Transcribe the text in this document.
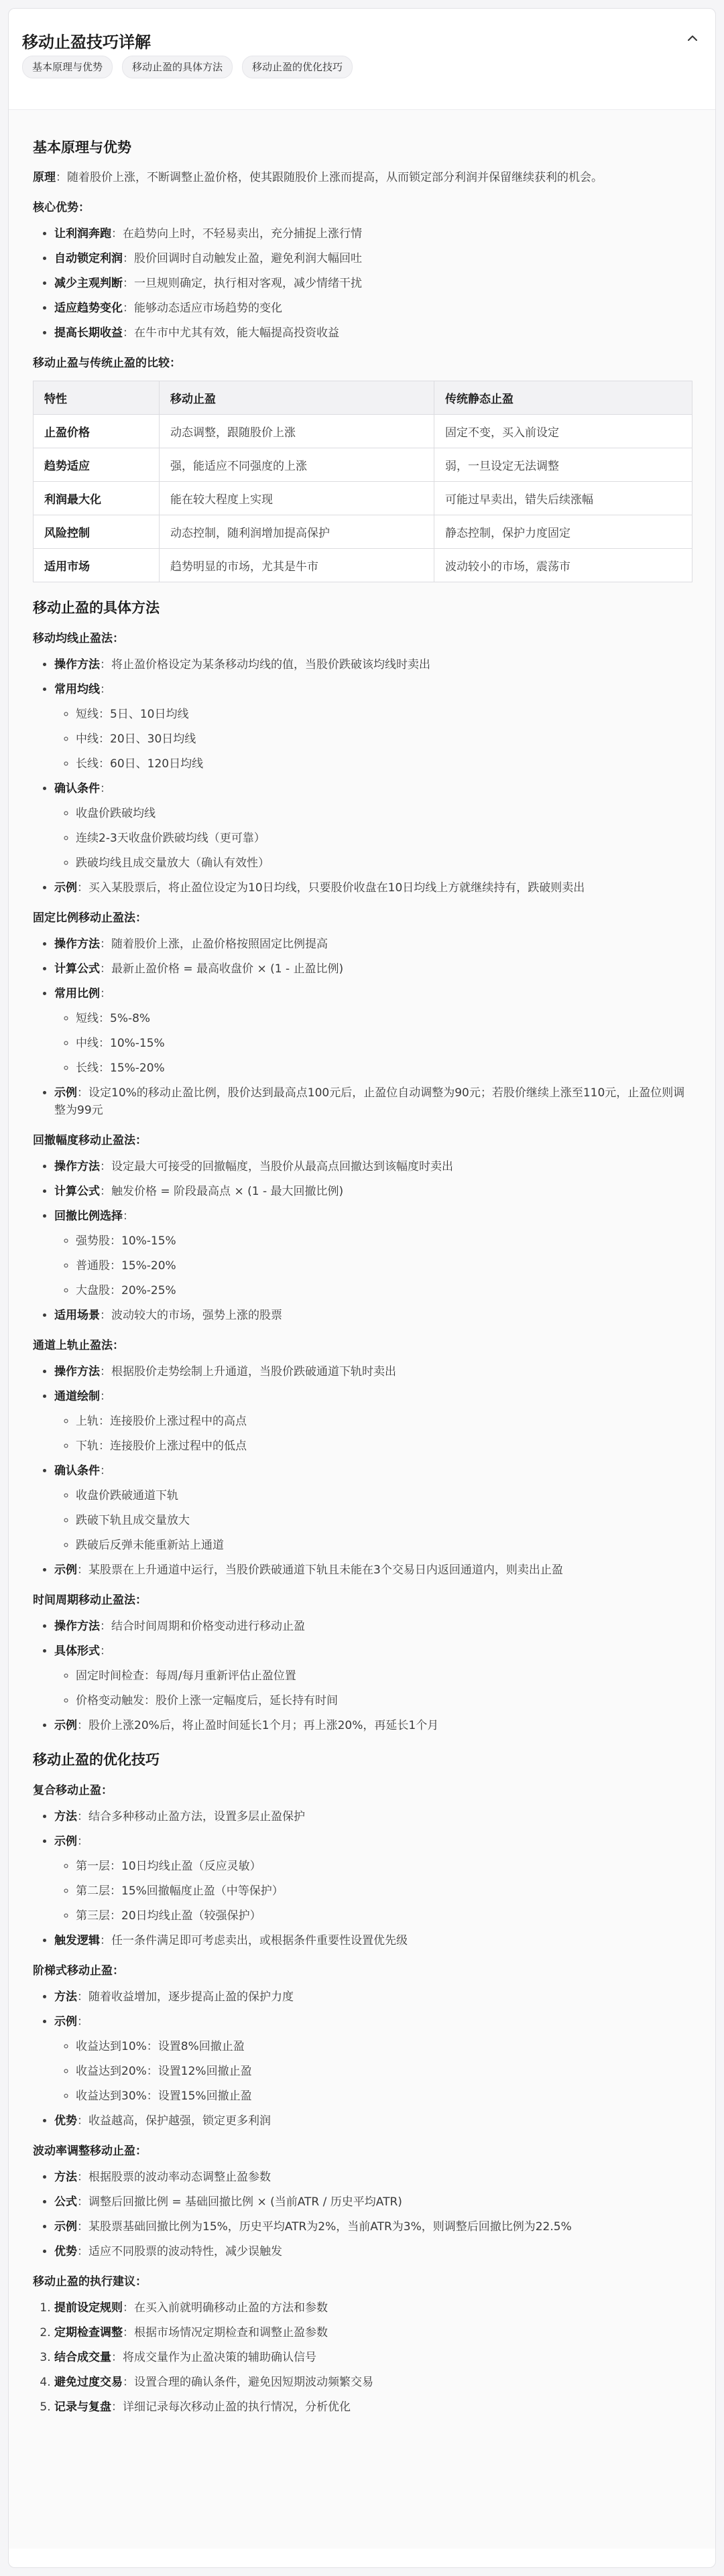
移动止盈技巧详解
基本原理与优势	移动止盈的具体方法	移动止盈的优化技巧
基本原理与优势

原理：随着股价上涨，不断调整止盈价格，使其跟随股价上涨而提高，从而锁定部分利润并保留继续获利的机会。

核心优势：
• 让利润奔跑：在趋势向上时，不轻易卖出，充分捕捉上涨行情
• 自动锁定利润：股价回调时自动触发止盈，避免利润大幅回吐
• 减少主观判断：一旦规则确定，执行相对客观，减少情绪干扰
• 适应趋势变化：能够动态适应市场趋势的变化
• 提高长期收益：在牛市中尤其有效，能大幅提高投资收益
移动止盈与传统止盈的比较：
特性	移动止盈	传统静态止盈
止盈价格	动态调整，跟随股价上涨	固定不变，买入前设定
趋势适应	强，能适应不同强度的上涨	弱，一旦设定无法调整
利润最大化	能在较大程度上实现	可能过早卖出，错失后续涨幅
风险控制	动态控制，随利润增加提高保护	静态控制，保护力度固定
适用市场	趋势明显的市场，尤其是牛市	波动较小的市场，震荡市
移动止盈的具体方法
移动均线止盈法：
• 操作方法：将止盈价格设定为某条移动均线的值，当股价跌破该均线时卖出
• 常用均线：
◦ 短线：5日、10日均线
◦ 中线：20日、30日均线
◦ 长线：60日、120日均线
• 确认条件：
◦ 收盘价跌破均线
◦ 连续2-3天收盘价跌破均线（更可靠）
◦ 跌破均线且成交量放大（确认有效性）
• 示例：买入某股票后，将止盈位设定为10日均线，只要股价收盘在10日均线上方就继续持有，跌破则卖出
固定比例移动止盈法：
• 操作方法：随着股价上涨，止盈价格按照固定比例提高
• 计算公式：最新止盈价格 = 最高收盘价 × (1 - 止盈比例)
• 常用比例：
◦ 短线：5%-8%
◦ 中线：10%-15%
◦ 长线：15%-20%
• 示例：设定10%的移动止盈比例，股价达到最高点100元后，止盈位自动调整为90元；若股价继续上涨至110元，止盈位则调整为99元
回撤幅度移动止盈法：
• 操作方法：设定最大可接受的回撤幅度，当股价从最高点回撤达到该幅度时卖出
• 计算公式：触发价格 = 阶段最高点 × (1 - 最大回撤比例)
• 回撤比例选择：
◦ 强势股：10%-15%
◦ 普通股：15%-20%
◦ 大盘股：20%-25%
• 适用场景：波动较大的市场，强势上涨的股票
通道上轨止盈法：
• 操作方法：根据股价走势绘制上升通道，当股价跌破通道下轨时卖出
• 通道绘制：
◦ 上轨：连接股价上涨过程中的高点
◦ 下轨：连接股价上涨过程中的低点
• 确认条件：
◦ 收盘价跌破通道下轨
◦ 跌破下轨且成交量放大
◦ 跌破后反弹未能重新站上通道
• 示例：某股票在上升通道中运行，当股价跌破通道下轨且未能在3个交易日内返回通道内，则卖出止盈
时间周期移动止盈法：
• 操作方法：结合时间周期和价格变动进行移动止盈
• 具体形式：
◦ 固定时间检查：每周/每月重新评估止盈位置
◦ 价格变动触发：股价上涨一定幅度后，延长持有时间
• 示例：股价上涨20%后，将止盈时间延长1个月；再上涨20%，再延长1个月
移动止盈的优化技巧
复合移动止盈：
• 方法：结合多种移动止盈方法，设置多层止盈保护
• 示例：
◦ 第一层：10日均线止盈（反应灵敏）
◦ 第二层：15%回撤幅度止盈（中等保护）
◦ 第三层：20日均线止盈（较强保护）
• 触发逻辑：任一条件满足即可考虑卖出，或根据条件重要性设置优先级
阶梯式移动止盈：
• 方法：随着收益增加，逐步提高止盈的保护力度
• 示例：
◦ 收益达到10%：设置8%回撤止盈
◦ 收益达到20%：设置12%回撤止盈
◦ 收益达到30%：设置15%回撤止盈
• 优势：收益越高，保护越强，锁定更多利润
波动率调整移动止盈：
• 方法：根据股票的波动率动态调整止盈参数
• 公式：调整后回撤比例 = 基础回撤比例 × (当前ATR / 历史平均ATR)
• 示例：某股票基础回撤比例为15%，历史平均ATR为2%，当前ATR为3%，则调整后回撤比例为22.5%
• 优势：适应不同股票的波动特性，减少误触发
移动止盈的执行建议：
1. 提前设定规则：在买入前就明确移动止盈的方法和参数
2. 定期检查调整：根据市场情况定期检查和调整止盈参数
3. 结合成交量：将成交量作为止盈决策的辅助确认信号
4. 避免过度交易：设置合理的确认条件，避免因短期波动频繁交易
5. 记录与复盘：详细记录每次移动止盈的执行情况，分析优化
